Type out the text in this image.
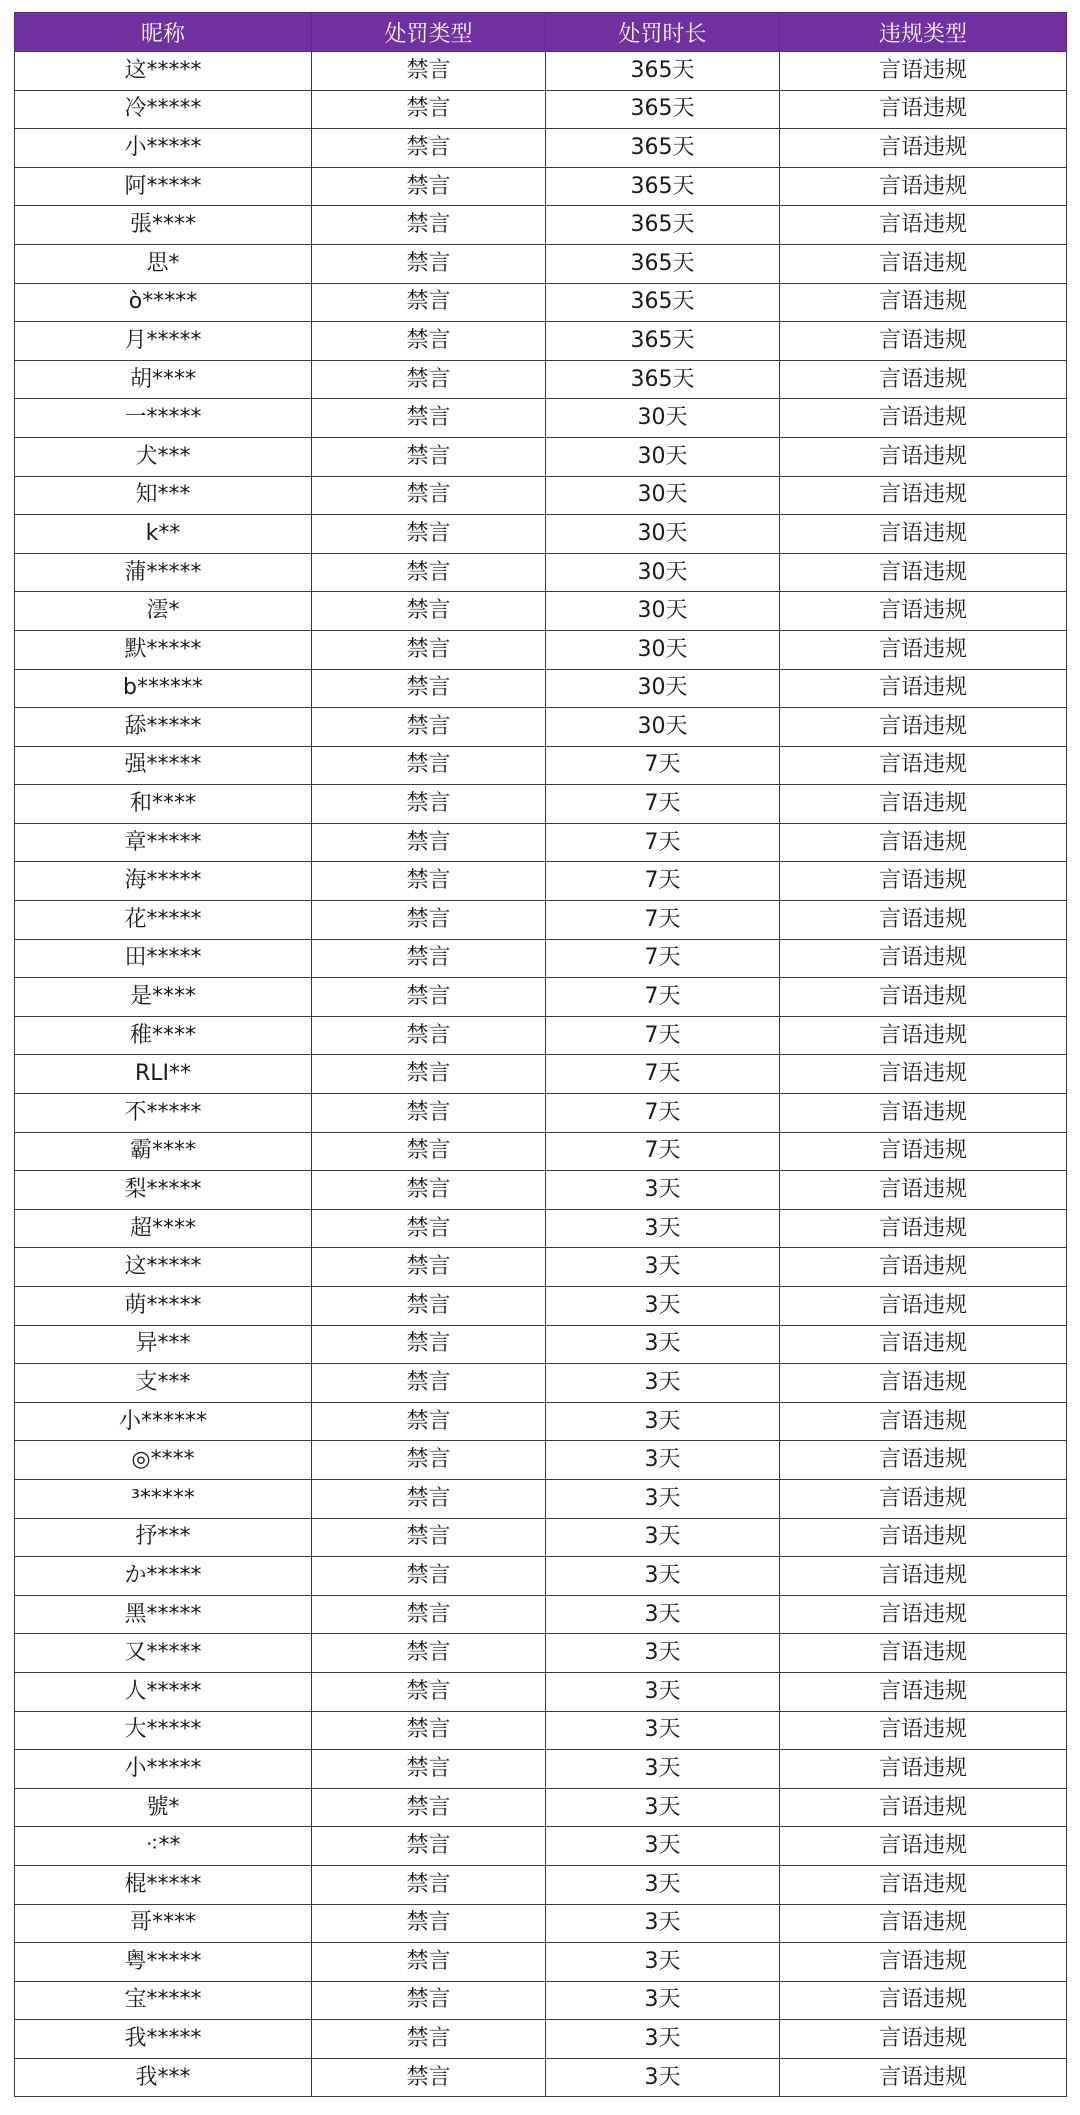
昵称	处罚类型	处罚时长	违规类型
这*****	禁言	365天	言语违规
冷*****	禁言	365天	言语违规
小*****	禁言	365天	言语违规
阿*****	禁言	365天	言语违规
張****	禁言	365天	言语违规
思*	禁言	365天	言语违规
ò*****	禁言	365天	言语违规
月*****	禁言	365天	言语违规
胡****	禁言	365天	言语违规
一*****	禁言	30天	言语违规
犬***	禁言	30天	言语违规
知***	禁言	30天	言语违规
k**	禁言	30天	言语违规
蒲*****	禁言	30天	言语违规
澐*	禁言	30天	言语违规
默*****	禁言	30天	言语违规
b******	禁言	30天	言语违规
舔*****	禁言	30天	言语违规
强*****	禁言	7天	言语违规
和****	禁言	7天	言语违规
章*****	禁言	7天	言语违规
海*****	禁言	7天	言语违规
花*****	禁言	7天	言语违规
田*****	禁言	7天	言语违规
是****	禁言	7天	言语违规
稚****	禁言	7天	言语违规
RLI**	禁言	7天	言语违规
不*****	禁言	7天	言语违规
霸****	禁言	7天	言语违规
梨*****	禁言	3天	言语违规
超****	禁言	3天	言语违规
这*****	禁言	3天	言语违规
萌*****	禁言	3天	言语违规
异***	禁言	3天	言语违规
支***	禁言	3天	言语违规
小******	禁言	3天	言语违规
◎****	禁言	3天	言语违规
³*****	禁言	3天	言语违规
抒***	禁言	3天	言语违规
か*****	禁言	3天	言语违规
黑*****	禁言	3天	言语违规
又*****	禁言	3天	言语违规
人*****	禁言	3天	言语违规
大*****	禁言	3天	言语违规
小*****	禁言	3天	言语违规
號*	禁言	3天	言语违规
⁖**	禁言	3天	言语违规
棍*****	禁言	3天	言语违规
哥****	禁言	3天	言语违规
粤*****	禁言	3天	言语违规
宝*****	禁言	3天	言语违规
我*****	禁言	3天	言语违规
我***	禁言	3天	言语违规
